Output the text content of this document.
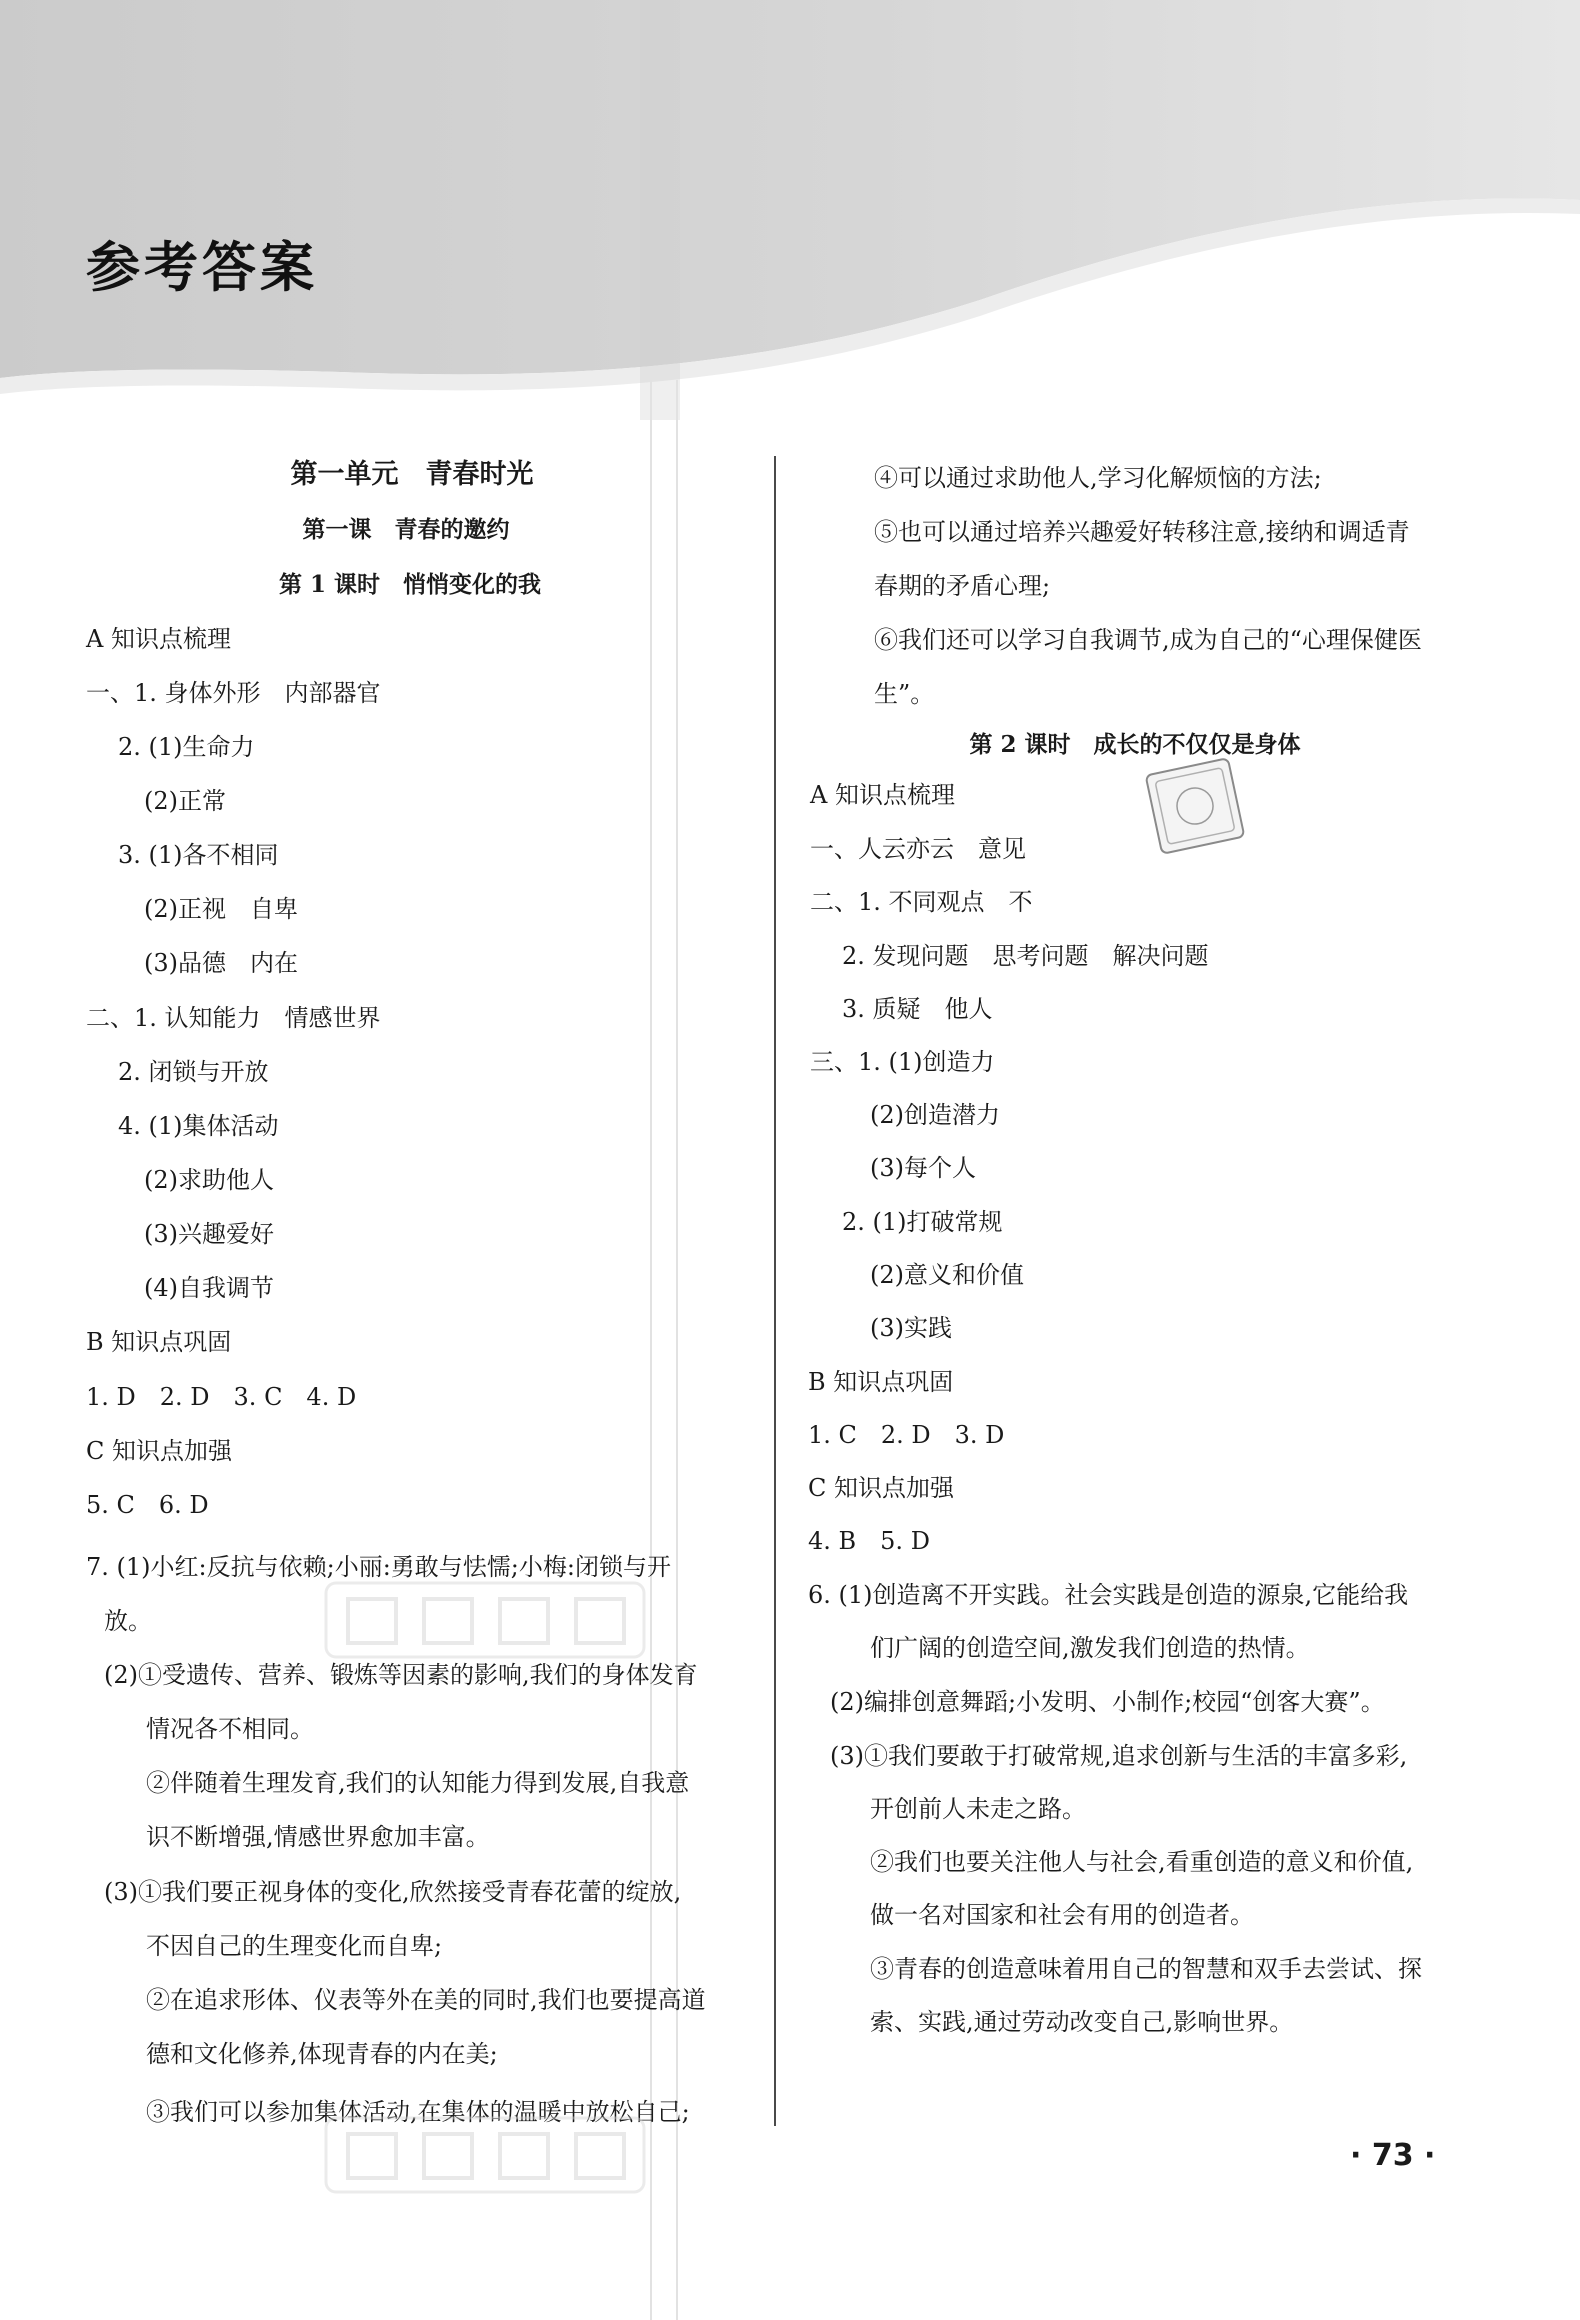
参考答案
第一单元　青春时光
第一课　青春的邀约
第 1 课时　悄悄变化的我
A 知识点梳理
一、1. 身体外形　内部器官
2. (1)生命力
(2)正常
3. (1)各不相同
(2)正视　自卑
(3)品德　内在
二、1. 认知能力　情感世界
2. 闭锁与开放
4. (1)集体活动
(2)求助他人
(3)兴趣爱好
(4)自我调节
B 知识点巩固
1. D　2. D　3. C　4. D
C 知识点加强
5. C　6. D
7. (1)小红:反抗与依赖;小丽:勇敢与怯懦;小梅:闭锁与开
放。
(2)①受遗传、营养、锻炼等因素的影响,我们的身体发育
情况各不相同。
②伴随着生理发育,我们的认知能力得到发展,自我意
识不断增强,情感世界愈加丰富。
(3)①我们要正视身体的变化,欣然接受青春花蕾的绽放,
不因自己的生理变化而自卑;
②在追求形体、仪表等外在美的同时,我们也要提高道
德和文化修养,体现青春的内在美;
③我们可以参加集体活动,在集体的温暖中放松自己;
④可以通过求助他人,学习化解烦恼的方法;
⑤也可以通过培养兴趣爱好转移注意,接纳和调适青
春期的矛盾心理;
⑥我们还可以学习自我调节,成为自己的“心理保健医
生”。
第 2 课时　成长的不仅仅是身体
A 知识点梳理
一、人云亦云　意见
二、1. 不同观点　不
2. 发现问题　思考问题　解决问题
3. 质疑　他人
三、1. (1)创造力
(2)创造潜力
(3)每个人
2. (1)打破常规
(2)意义和价值
(3)实践
B 知识点巩固
1. C　2. D　3. D
C 知识点加强
4. B　5. D
6. (1)创造离不开实践。社会实践是创造的源泉,它能给我
们广阔的创造空间,激发我们创造的热情。
(2)编排创意舞蹈;小发明、小制作;校园“创客大赛”。
(3)①我们要敢于打破常规,追求创新与生活的丰富多彩,
开创前人未走之路。
②我们也要关注他人与社会,看重创造的意义和价值,
做一名对国家和社会有用的创造者。
③青春的创造意味着用自己的智慧和双手去尝试、探
索、实践,通过劳动改变自己,影响世界。
· 73 ·
